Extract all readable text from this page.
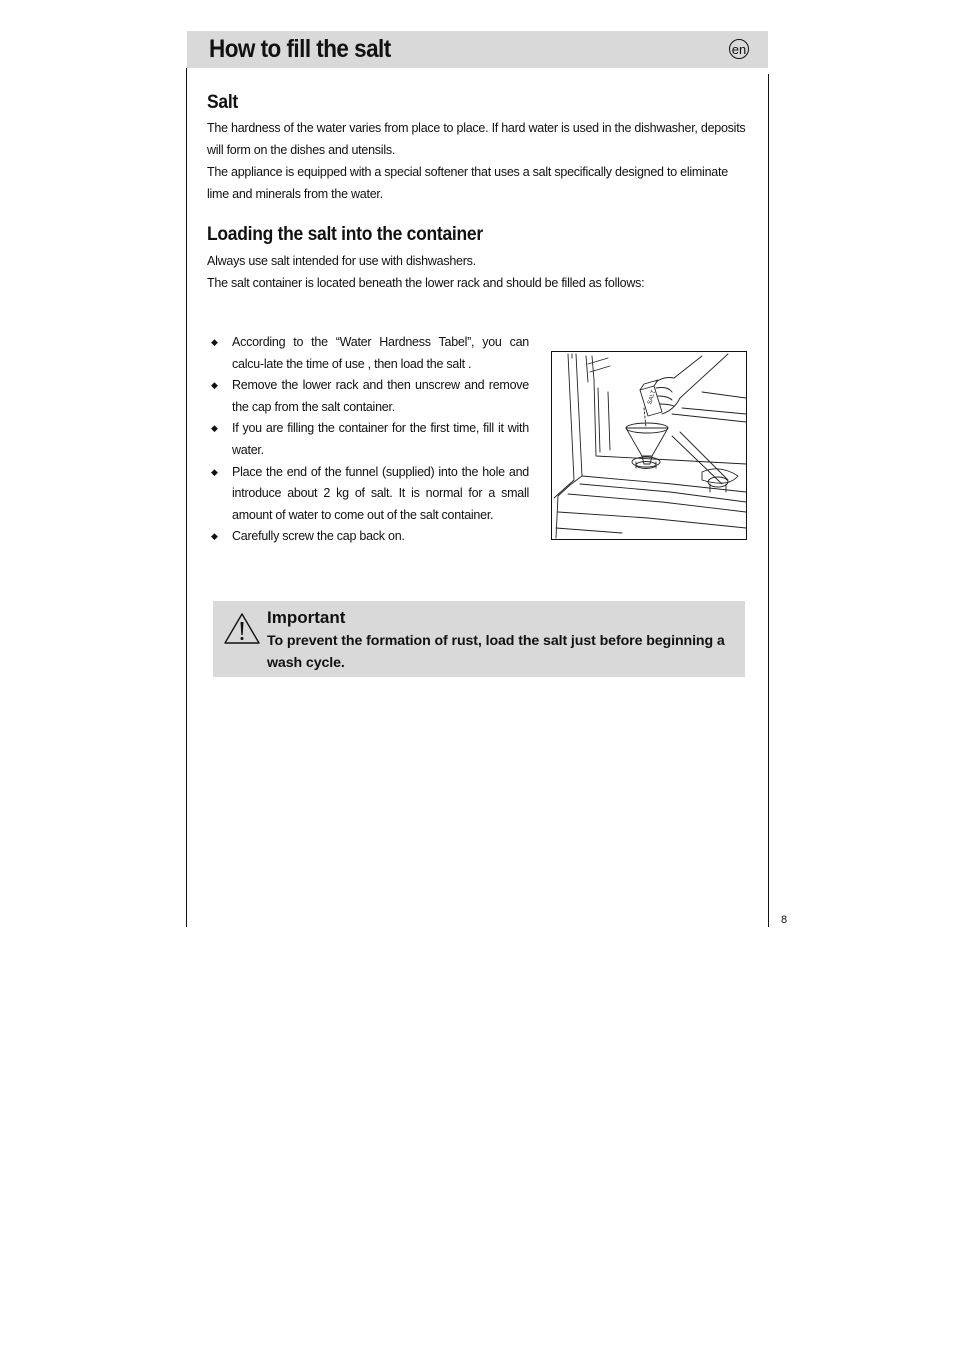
How to fill the salt	en
Salt

The hardness of the water varies from place to place. If hard water is used in the dishwasher, deposits will form on the dishes and utensils.

The appliance is equipped with a special softener that uses a salt specifically designed to eliminate lime and minerals from the water.

Loading the salt into the container

Always use salt intended for use with dishwashers.

The salt container is located beneath the lower rack and should be filled as follows:

◆ According to the “Water Hardness Tabel”, you can calcu-late the time of use , then load the salt .
◆ Remove the lower rack and then unscrew and remove the cap from the salt container.
◆ If you are filling the container for the first time, fill it with water.
◆ Place the end of the funnel (supplied) into the hole and introduce about 2 kg of salt. It is normal for a small amount of water to come out of the salt container.
◆ Carefully screw the cap back on.
SALT
Important

To prevent the formation of rust, load the salt just before beginning a wash cycle.

8
